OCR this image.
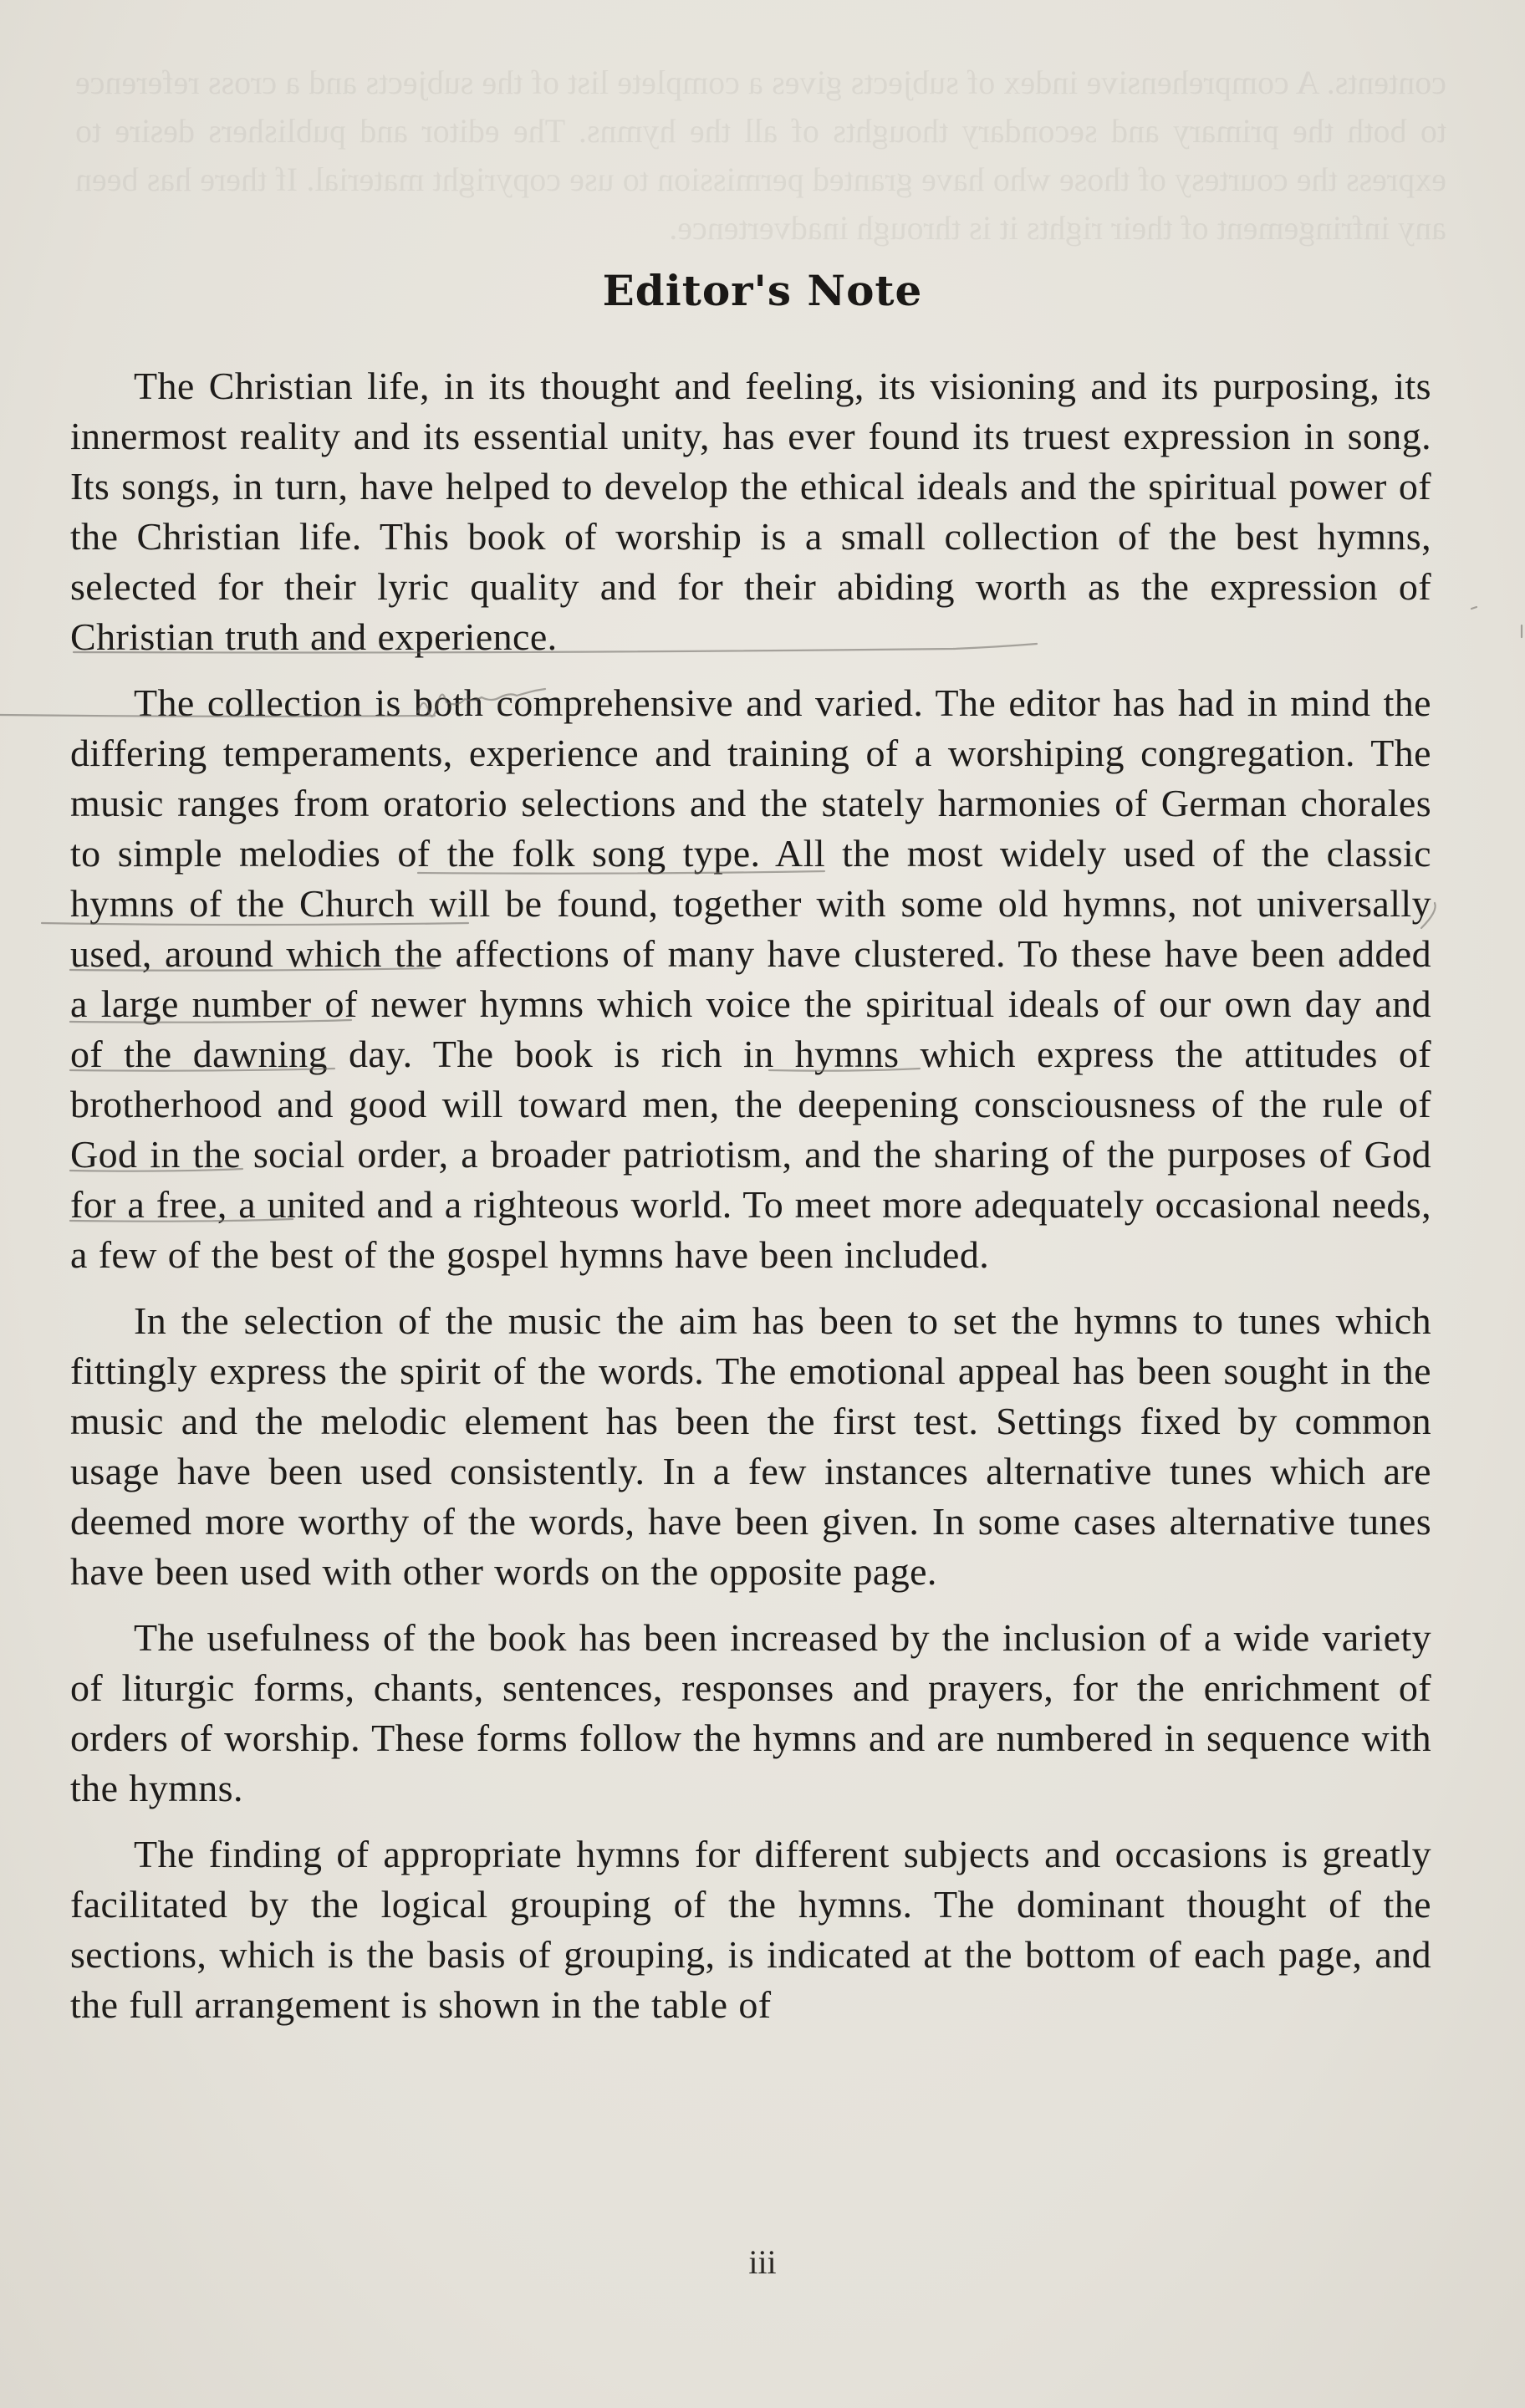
contents. A comprehensive index of subjects gives a complete list of the subjects and a cross reference to both the primary and secondary thoughts of all the hymns. The editor and publishers desire to express the courtesy of those who have granted permission to use copyright material. If there has been any infringement of their rights it is through inadvertence.
Editor's Note

The Christian life, in its thought and feeling, its visioning and its purposing, its innermost reality and its essential unity, has ever found its truest expression in song. Its songs, in turn, have helped to develop the ethical ideals and the spiritual power of the Christian life. This book of worship is a small collection of the best hymns, selected for their lyric quality and for their abiding worth as the expression of Christian truth and experience.

The collection is both comprehensive and varied. The editor has had in mind the differing temperaments, experience and training of a worshiping congregation. The music ranges from oratorio selections and the stately harmonies of German chorales to simple melodies of the folk song type. All the most widely used of the classic hymns of the Church will be found, together with some old hymns, not universally used, around which the affections of many have clustered. To these have been added a large number of newer hymns which voice the spiritual ideals of our own day and of the dawning day. The book is rich in hymns which express the attitudes of brotherhood and good will toward men, the deepening consciousness of the rule of God in the social order, a broader patriotism, and the sharing of the purposes of God for a free, a united and a righteous world. To meet more adequately occasional needs, a few of the best of the gospel hymns have been included.

In the selection of the music the aim has been to set the hymns to tunes which fittingly express the spirit of the words. The emotional appeal has been sought in the music and the melodic element has been the first test. Settings fixed by common usage have been used consistently. In a few instances alternative tunes which are deemed more worthy of the words, have been given. In some cases alternative tunes have been used with other words on the opposite page.

The usefulness of the book has been increased by the inclusion of a wide variety of liturgic forms, chants, sentences, responses and prayers, for the enrichment of orders of worship. These forms follow the hymns and are numbered in sequence with the hymns.

The finding of appropriate hymns for different subjects and occasions is greatly facilitated by the logical grouping of the hymns. The dominant thought of the sections, which is the basis of grouping, is indicated at the bottom of each page, and the full arrangement is shown in the table of

iii
